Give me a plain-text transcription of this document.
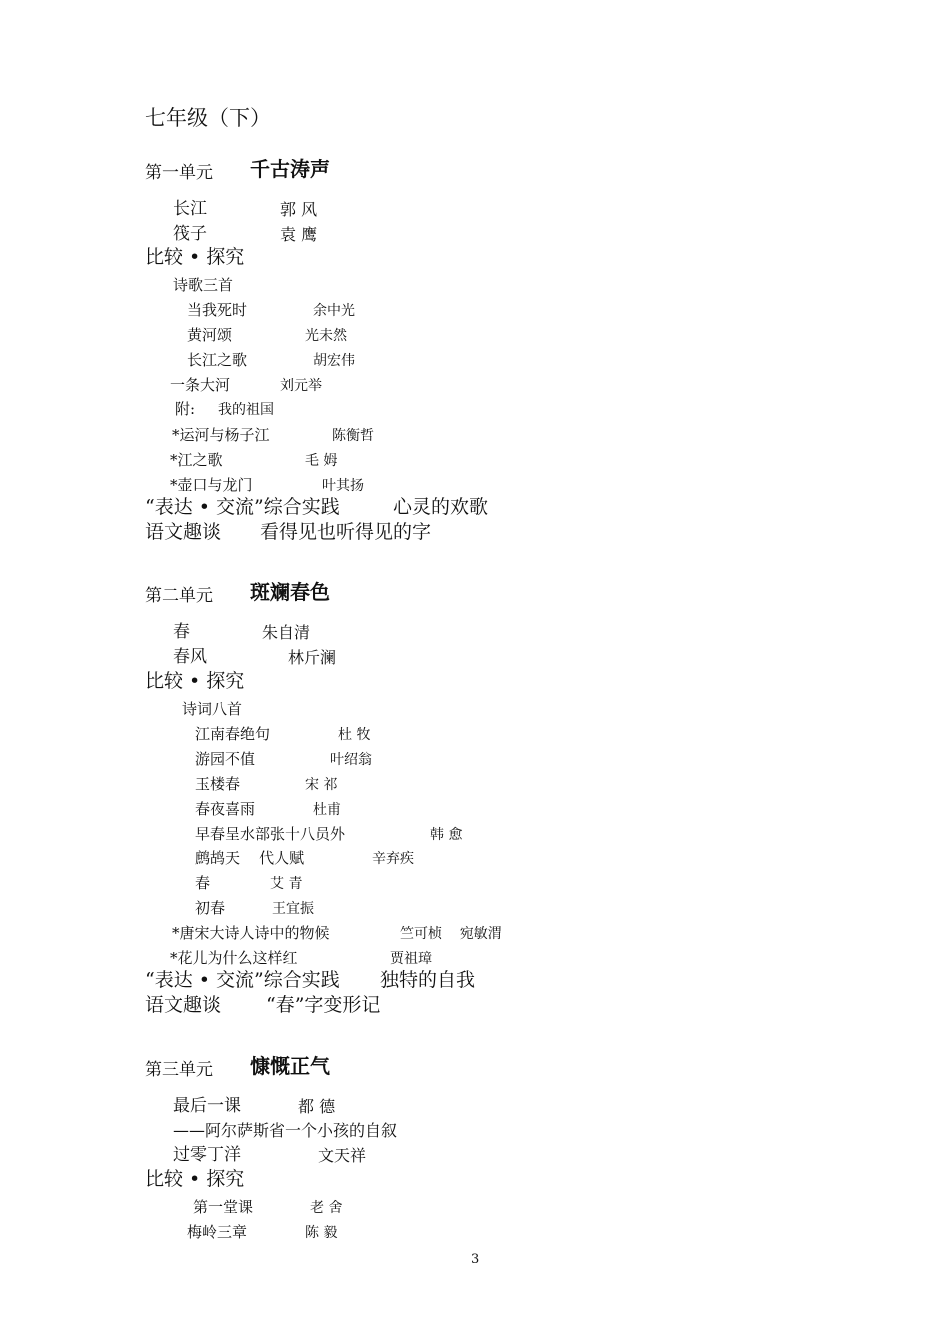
七年级（下）
第一单元 千古涛声
长江	郭 风
筏子	袁 鹰
比较 • 探究
诗歌三首
当我死时	余中光
黄河颂	光未然
长江之歌	胡宏伟
一条大河	刘元举
附: 我的祖国
*运河与杨子江	陈衡哲
*江之歌	毛 姆
*壶口与龙门	叶其扬
“表达 • 交流”综合实践	心灵的欢歌
语文趣谈 看得见也听得见的字
第二单元 斑斓春色
春	朱自清
春风	林斤澜
比较 • 探究
诗词八首
江南春绝句	杜 牧
游园不值	叶绍翁
玉楼春	宋 祁
春夜喜雨	杜甫
早春呈水部张十八员外	韩 愈
鹧鸪天    代人赋	辛弃疾
春	艾 青
初春	王宜振
*唐宋大诗人诗中的物候	竺可桢    宛敏渭
*花儿为什么这样红	贾祖璋
“表达 • 交流”综合实践 独特的自我
语文趣谈 “春”字变形记
第三单元 慷慨正气
最后一课	都 德
——阿尔萨斯省一个小孩的自叙
过零丁洋	文天祥
比较 • 探究
第一堂课	老 舍
梅岭三章	陈 毅
3
